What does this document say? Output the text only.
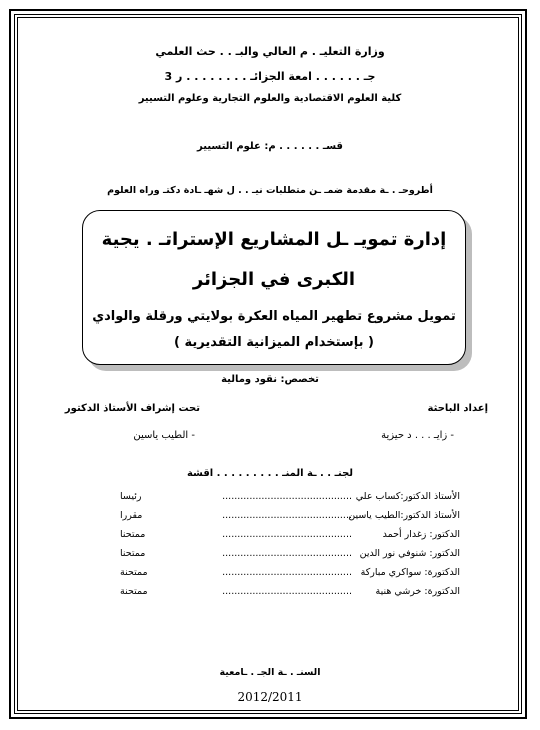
وزارة التعليـ . م العالي والبـ . . حث العلمي
جـ . . . . . . امعة الجزائـ . . . . . . . . ر 3
كلية العلوم الاقتصادية والعلوم التجارية وعلوم التسيير
قسـ . . . . . . م: علوم التسيير
أطروحـ . ـة مقدمة ضمـ ـن متطلبات نيـ . . ل شهـ ـادة دكتـ وراه العلوم
إدارة تمويـ ـل المشاريع الإستراتـ . يجية
الكبرى في الجزائر
تمويل مشروع تطهير المياه العكرة بولايتي ورقلة والوادي
( بإستخدام الميزانية التقديرية )
تخصص: نقود ومالية
إعداد الباحثة
تحت إشراف الأستاذ الدكتور
- زايـ . . . د حيزية
- الطيب ياسين
لجنـ . . ـة المنـ . . . . . . . . . اقشة
الأستاذ الدكتور:كساب علي
...........................................
رئيسا
الأستاذ الدكتور:الطيب ياسين
...........................................
مقررا
الدكتور: زغدار أحمد
...........................................
ممتحنا
الدكتور: شنوفي نور الدين
...........................................
ممتحنا
الدكتورة: سواكري مباركة
...........................................
ممتحنة
الدكتورة: خرشي هنية
...........................................
ممتحنة
السنـ . ـة الجـ . ـامعية
2012/2011
